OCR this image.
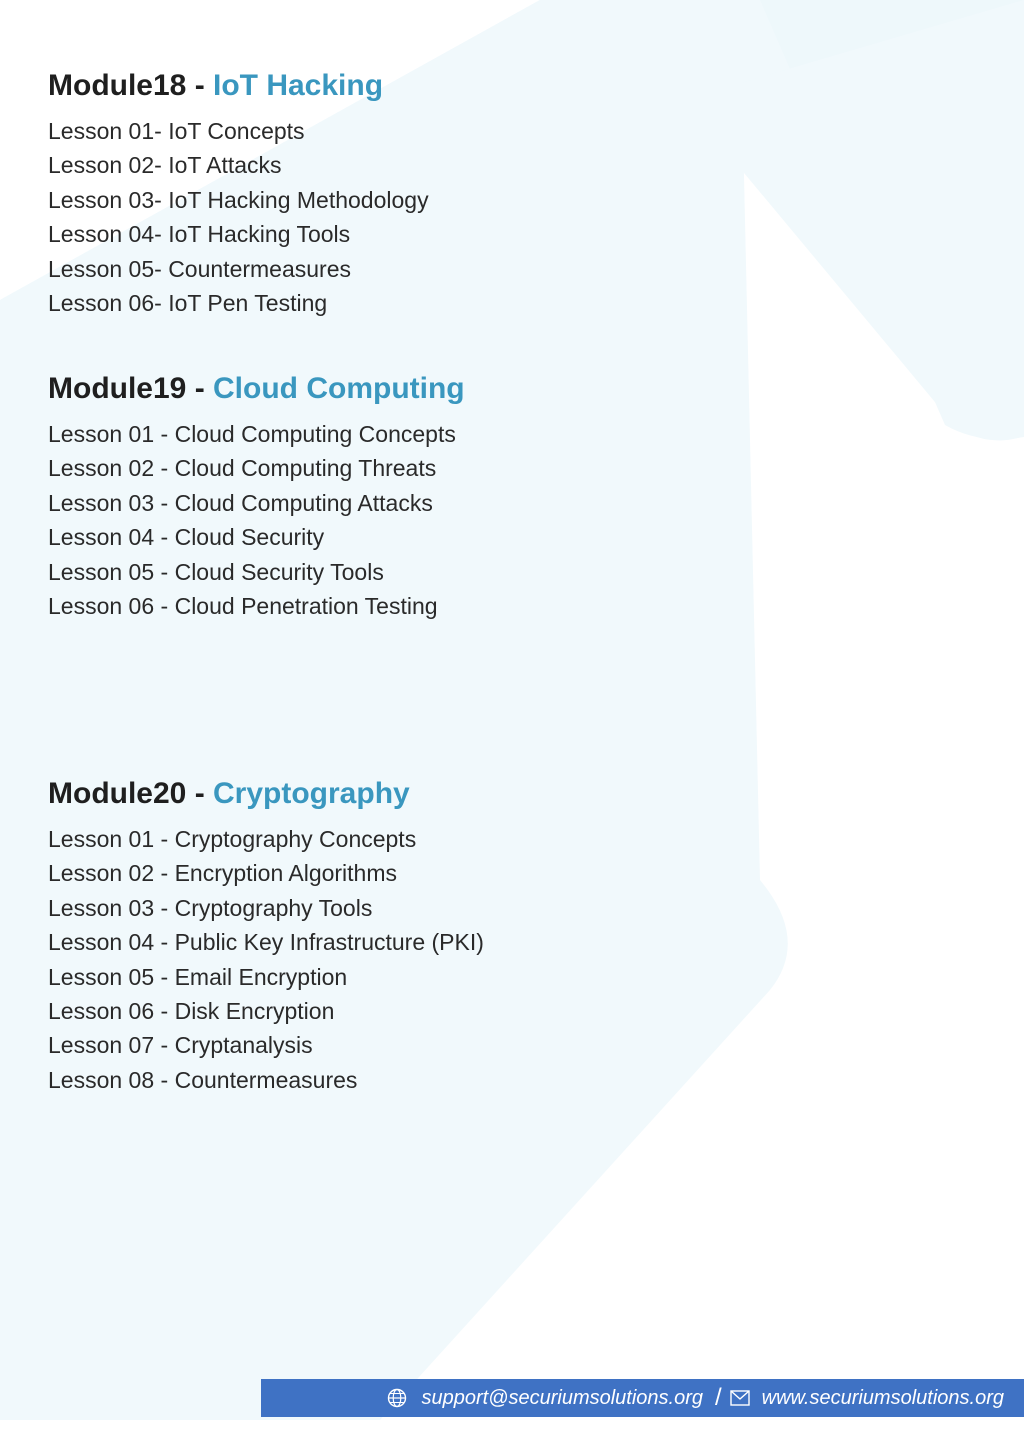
Module18 - IoT Hacking
Lesson 01- IoT Concepts
Lesson 02- IoT Attacks
Lesson 03- IoT Hacking Methodology
Lesson 04- IoT Hacking Tools
Lesson 05- Countermeasures
Lesson 06- IoT Pen Testing
Module19 - Cloud Computing
Lesson 01 - Cloud Computing Concepts
Lesson 02 - Cloud Computing Threats
Lesson 03 - Cloud Computing Attacks
Lesson 04 - Cloud Security
Lesson 05 - Cloud Security Tools
Lesson 06 - Cloud Penetration Testing
Module20 - Cryptography
Lesson 01 - Cryptography Concepts
Lesson 02 - Encryption Algorithms
Lesson 03 - Cryptography Tools
Lesson 04 - Public Key Infrastructure (PKI)
Lesson 05 - Email Encryption
Lesson 06 - Disk Encryption
Lesson 07 - Cryptanalysis
Lesson 08 - Countermeasures
support@securiumsolutions.org / www.securiumsolutions.org
